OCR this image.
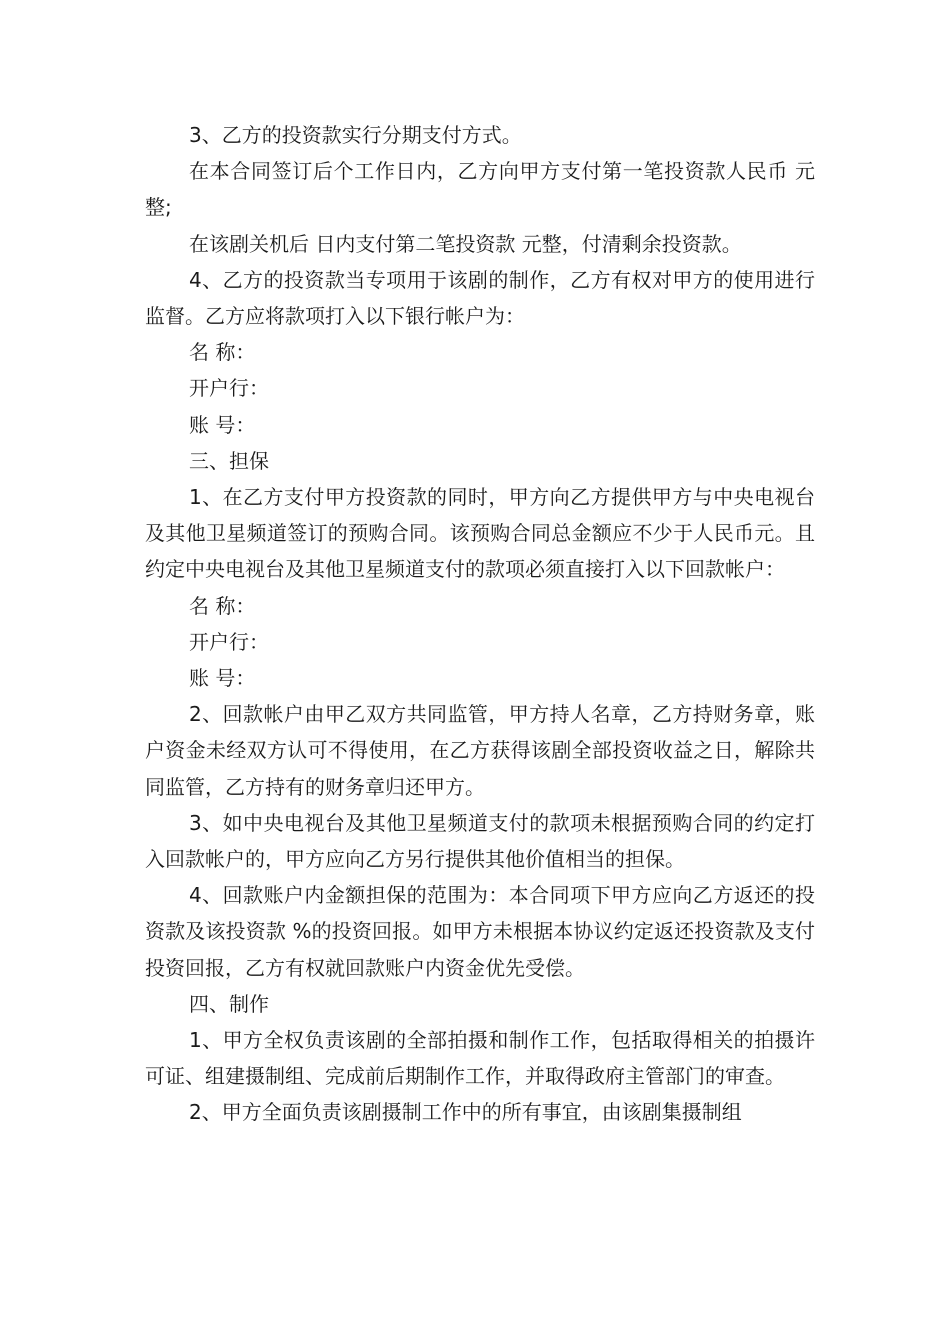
3、乙方的投资款实行分期支付方式。

在本合同签订后个工作日内，乙方向甲方支付第一笔投资款人民币 元整;

在该剧关机后 日内支付第二笔投资款 元整，付清剩余投资款。

4、乙方的投资款当专项用于该剧的制作，乙方有权对甲方的使用进行监督。乙方应将款项打入以下银行帐户为：

名 称：

开户行：

账 号：

三、担保

1、在乙方支付甲方投资款的同时，甲方向乙方提供甲方与中央电视台及其他卫星频道签订的预购合同。该预购合同总金额应不少于人民币元。且约定中央电视台及其他卫星频道支付的款项必须直接打入以下回款帐户：

名 称：

开户行：

账 号：

2、回款帐户由甲乙双方共同监管，甲方持人名章，乙方持财务章，账户资金未经双方认可不得使用，在乙方获得该剧全部投资收益之日，解除共同监管，乙方持有的财务章归还甲方。

3、如中央电视台及其他卫星频道支付的款项未根据预购合同的约定打入回款帐户的，甲方应向乙方另行提供其他价值相当的担保。

4、回款账户内金额担保的范围为：本合同项下甲方应向乙方返还的投资款及该投资款 %的投资回报。如甲方未根据本协议约定返还投资款及支付投资回报，乙方有权就回款账户内资金优先受偿。

四、制作

1、甲方全权负责该剧的全部拍摄和制作工作，包括取得相关的拍摄许可证、组建摄制组、完成前后期制作工作，并取得政府主管部门的审查。

2、甲方全面负责该剧摄制工作中的所有事宜，由该剧集摄制组
